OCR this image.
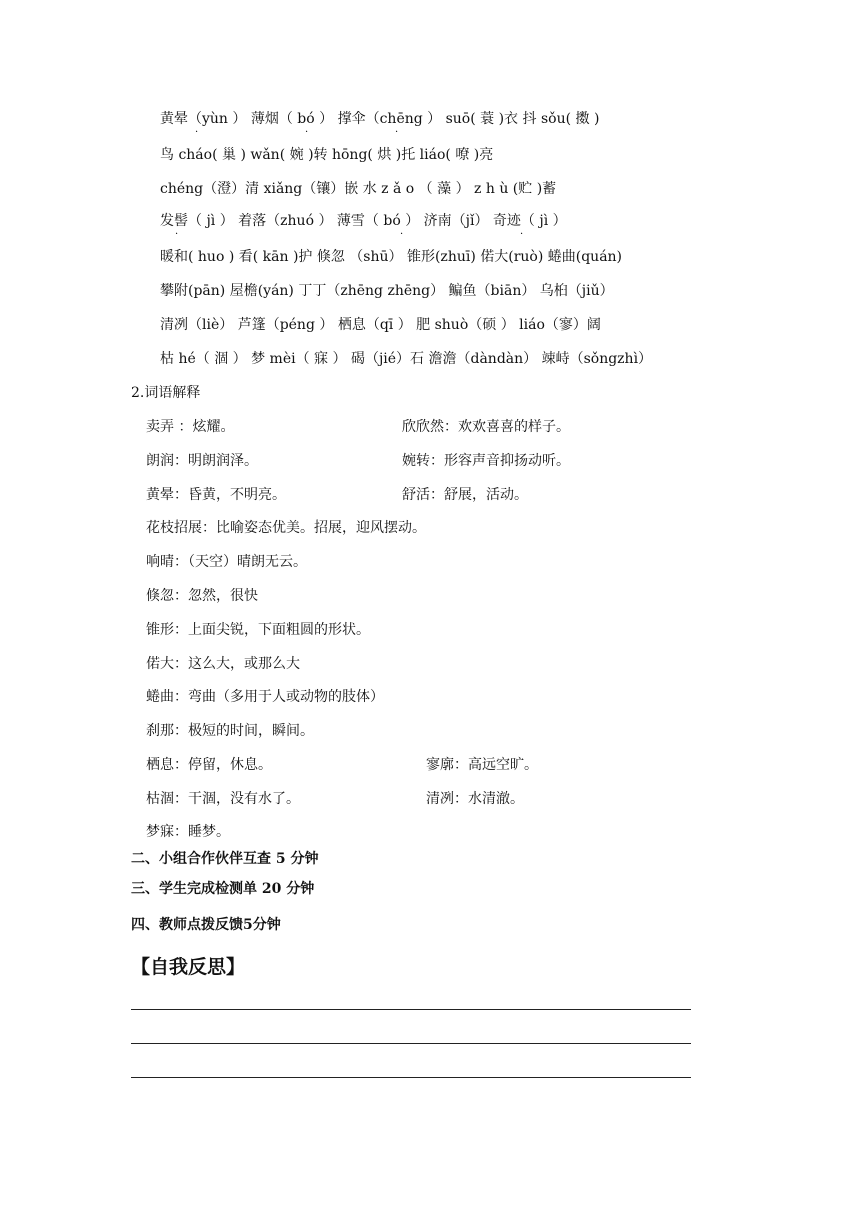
黄晕（yùn ） 薄烟（ bó ） 撑伞（chēng ） suō( 蓑 )衣 抖 sǒu( 擞 )
鸟 cháo( 巢 ) wǎn( 婉 )转 hōng( 烘 )托 liáo( 嘹 )亮
chéng（澄）清 xiǎng（镶）嵌 水 z ǎ o （ 藻 ） z h ù (贮 )蓄
发髻（ jì ） 着落（zhuó ） 薄雪（ bó ） 济南（jǐ） 奇迹（ jì ）
暖和( huo ) 看( kān )护 倏忽 （shū） 锥形(zhuī) 偌大(ruò) 蜷曲(quán)
攀附(pān) 屋檐(yán) 丁丁（zhēng zhēng） 鳊鱼（biān） 乌桕（jiǔ）
清冽（liè） 芦篷（péng ） 栖息（qī ） 肥 shuò（硕 ） liáo（寥）阔
枯 hé（ 涸 ） 梦 mèi（ 寐 ） 碣（jié）石 澹澹（dàndàn） 竦峙（sǒngzhì）
·	·	·
·	·	·
2.词语解释
卖弄 ：炫耀。	欣欣然：欢欢喜喜的样子。
朗润：明朗润泽。	婉转：形容声音抑扬动听。
黄晕：昏黄，不明亮。	舒活：舒展，活动。
花枝招展：比喻姿态优美。招展，迎风摆动。
响晴：（天空）晴朗无云。
倏忽：忽然，很快
锥形：上面尖锐，下面粗圆的形状。
偌大：这么大，或那么大
蜷曲：弯曲（多用于人或动物的肢体）
刹那：极短的时间，瞬间。
栖息：停留，休息。	寥廓：高远空旷。
枯涸：干涸，没有水了。	清冽：水清澈。
梦寐：睡梦。
二、小组合作伙伴互查 5 分钟
三、学生完成检测单 20 分钟
四、教师点拨反馈5分钟
【自我反思】
